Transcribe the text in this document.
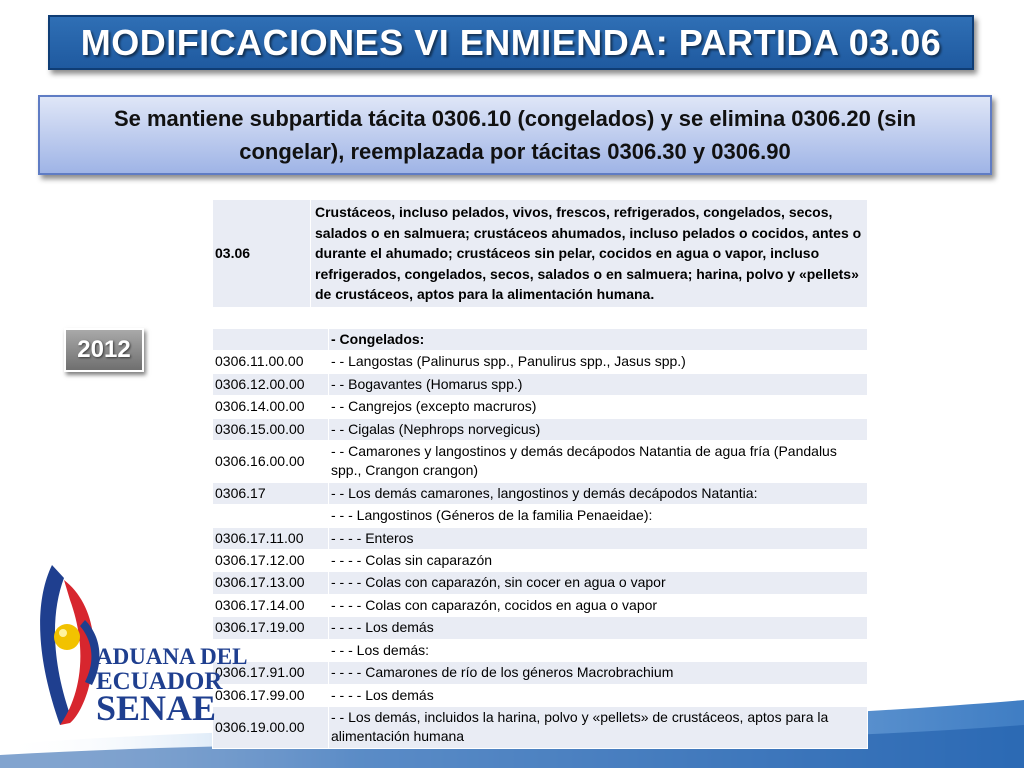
MODIFICACIONES VI ENMIENDA: PARTIDA 03.06
Se mantiene subpartida tácita 0306.10 (congelados) y se elimina 0306.20 (sin congelar), reemplazada por tácitas 0306.30 y 0306.90
2012
03.06	Crustáceos, incluso pelados, vivos, frescos, refrigerados, congelados, secos, salados o en salmuera; crustáceos ahumados, incluso pelados o cocidos, antes o durante el ahumado; crustáceos sin pelar, cocidos en agua o vapor, incluso refrigerados, congelados, secos, salados o en salmuera; harina, polvo y «pellets» de crustáceos, aptos para la alimentación humana.
	- Congelados:
0306.11.00.00	- - Langostas (Palinurus spp., Panulirus spp., Jasus spp.)
0306.12.00.00	- - Bogavantes (Homarus spp.)
0306.14.00.00	- - Cangrejos (excepto macruros)
0306.15.00.00	- - Cigalas (Nephrops norvegicus)
0306.16.00.00	- - Camarones y langostinos y demás decápodos Natantia de agua fría (Pandalus spp., Crangon crangon)
0306.17	- - Los demás camarones, langostinos y demás decápodos Natantia:
	- - - Langostinos (Géneros de la familia Penaeidae):
0306.17.11.00	- - - - Enteros
0306.17.12.00	- - - - Colas sin caparazón
0306.17.13.00	- - - - Colas con caparazón, sin cocer en agua o vapor
0306.17.14.00	- - - - Colas con caparazón, cocidos en agua o vapor
0306.17.19.00	- - - - Los demás
	- - - Los demás:
0306.17.91.00	- - - - Camarones de río de los géneros Macrobrachium
0306.17.99.00	- - - - Los demás
0306.19.00.00	- - Los demás, incluidos la harina, polvo y «pellets» de crustáceos, aptos para la alimentación humana
ADUANA DEL
ECUADOR
SENAE
